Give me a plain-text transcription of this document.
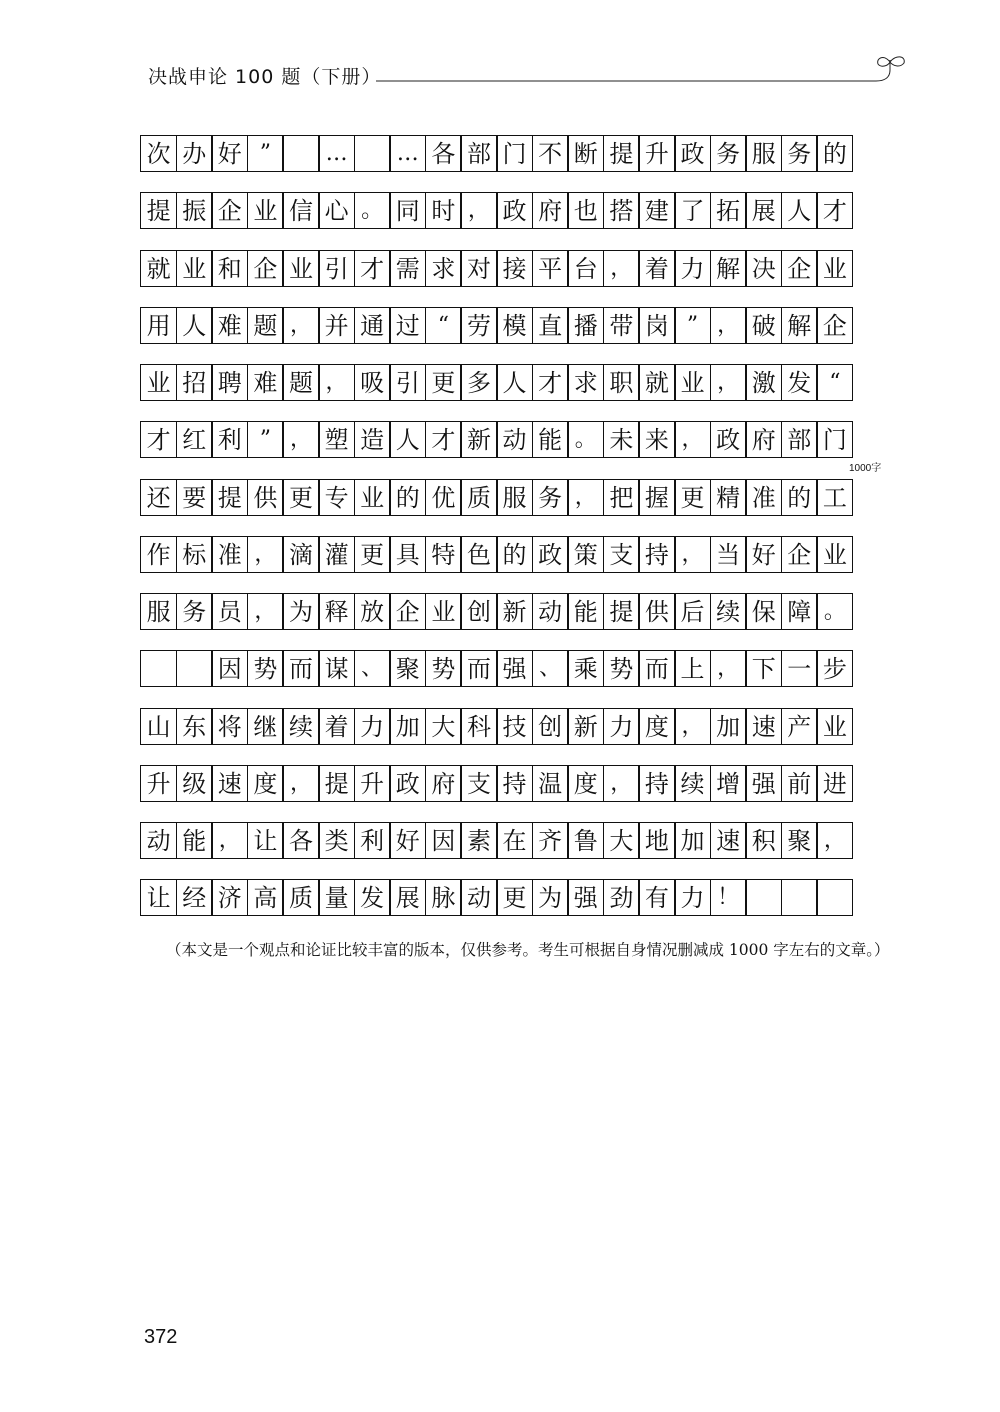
决战申论 100 题（下册）
次 办 好 ”	…	… 各 部 门 不 断 提 升 政 务 服 务 的
提 振 企 业 信 心 。 同 时 ， 政 府 也 搭 建 了 拓 展 人 才
就 业 和 企 业 引 才 需 求 对 接 平 台 ， 着 力 解 决 企 业
用 人 难 题 ， 并 通 过 “ 劳 模 直 播 带 岗 ” ， 破 解 企
业 招 聘 难 题 ， 吸 引 更 多 人 才 求 职 就 业 ， 激 发 “
才 红 利 ” ， 塑 造 人 才 新 动 能 。 未 来 ， 政 府 部 门
还 要 提 供 更 专 业 的 优 质 服 务 ， 把 握 更 精 准 的 工
作 标 准 ， 滴 灌 更 具 特 色 的 政 策 支 持 ， 当 好 企 业
服 务 员 ， 为 释 放 企 业 创 新 动 能 提 供 后 续 保 障 。
因 势 而 谋 、 聚 势 而 强 、 乘 势 而 上 ， 下 一 步
山 东 将 继 续 着 力 加 大 科 技 创 新 力 度 ， 加 速 产 业
升 级 速 度 ， 提 升 政 府 支 持 温 度 ， 持 续 增 强 前 进
动 能 ， 让 各 类 利 好 因 素 在 齐 鲁 大 地 加 速 积 聚 ，
让 经 济 高 质 量 发 展 脉 动 更 为 强 劲 有 力 ！
1000字
（本文是一个观点和论证比较丰富的版本，仅供参考。考生可根据自身情况删减成 1000 字左右的文章。）
372
